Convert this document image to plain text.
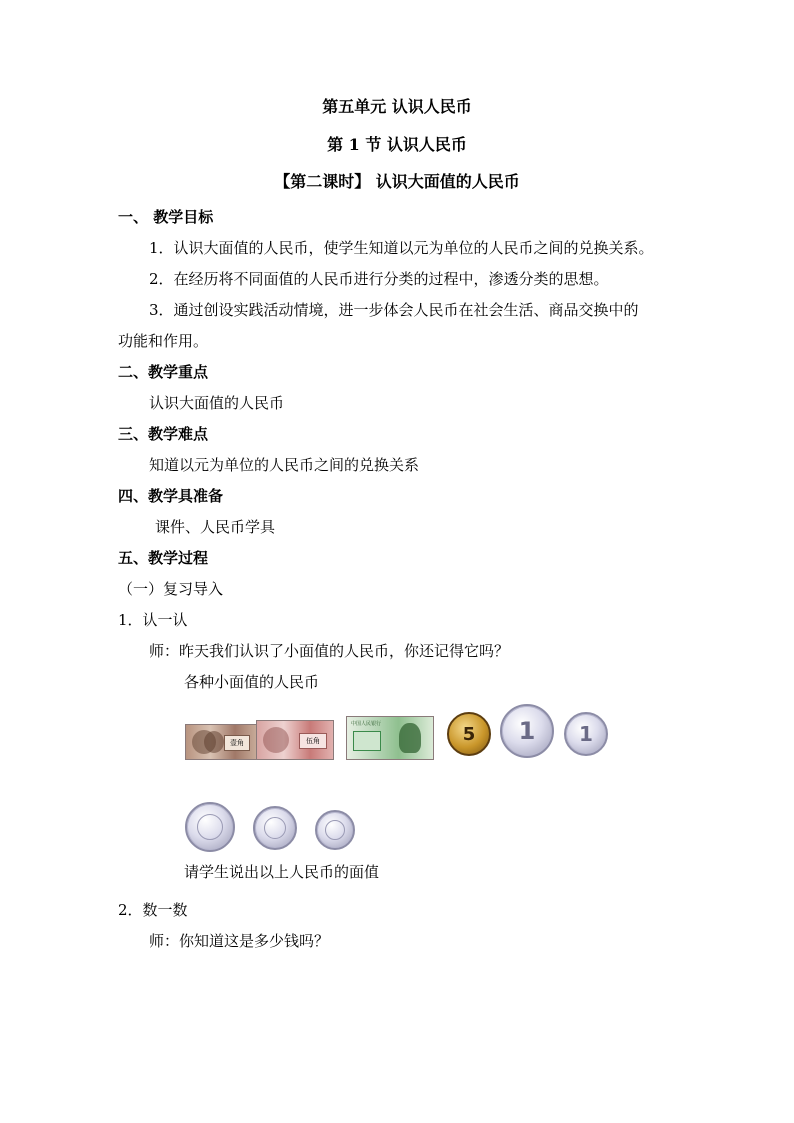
第五单元 认识人民币
第 1 节 认识人民币
【第二课时】 认识大面值的人民币
一、 教学目标
1．认识大面值的人民币，使学生知道以元为单位的人民币之间的兑换关系。
2．在经历将不同面值的人民币进行分类的过程中，渗透分类的思想。
3．通过创设实践活动情境，进一步体会人民币在社会生活、商品交换中的
功能和作用。
二、教学重点
认识大面值的人民币
三、教学难点
知道以元为单位的人民币之间的兑换关系
四、教学具准备
课件、人民币学具
五、教学过程
（一）复习导入
1．认一认
师：昨天我们认识了小面值的人民币，你还记得它吗？
各种小面值的人民币
壹角	伍角
中国人民银行	5 1 1
请学生说出以上人民币的面值
2．数一数
师：你知道这是多少钱吗？
